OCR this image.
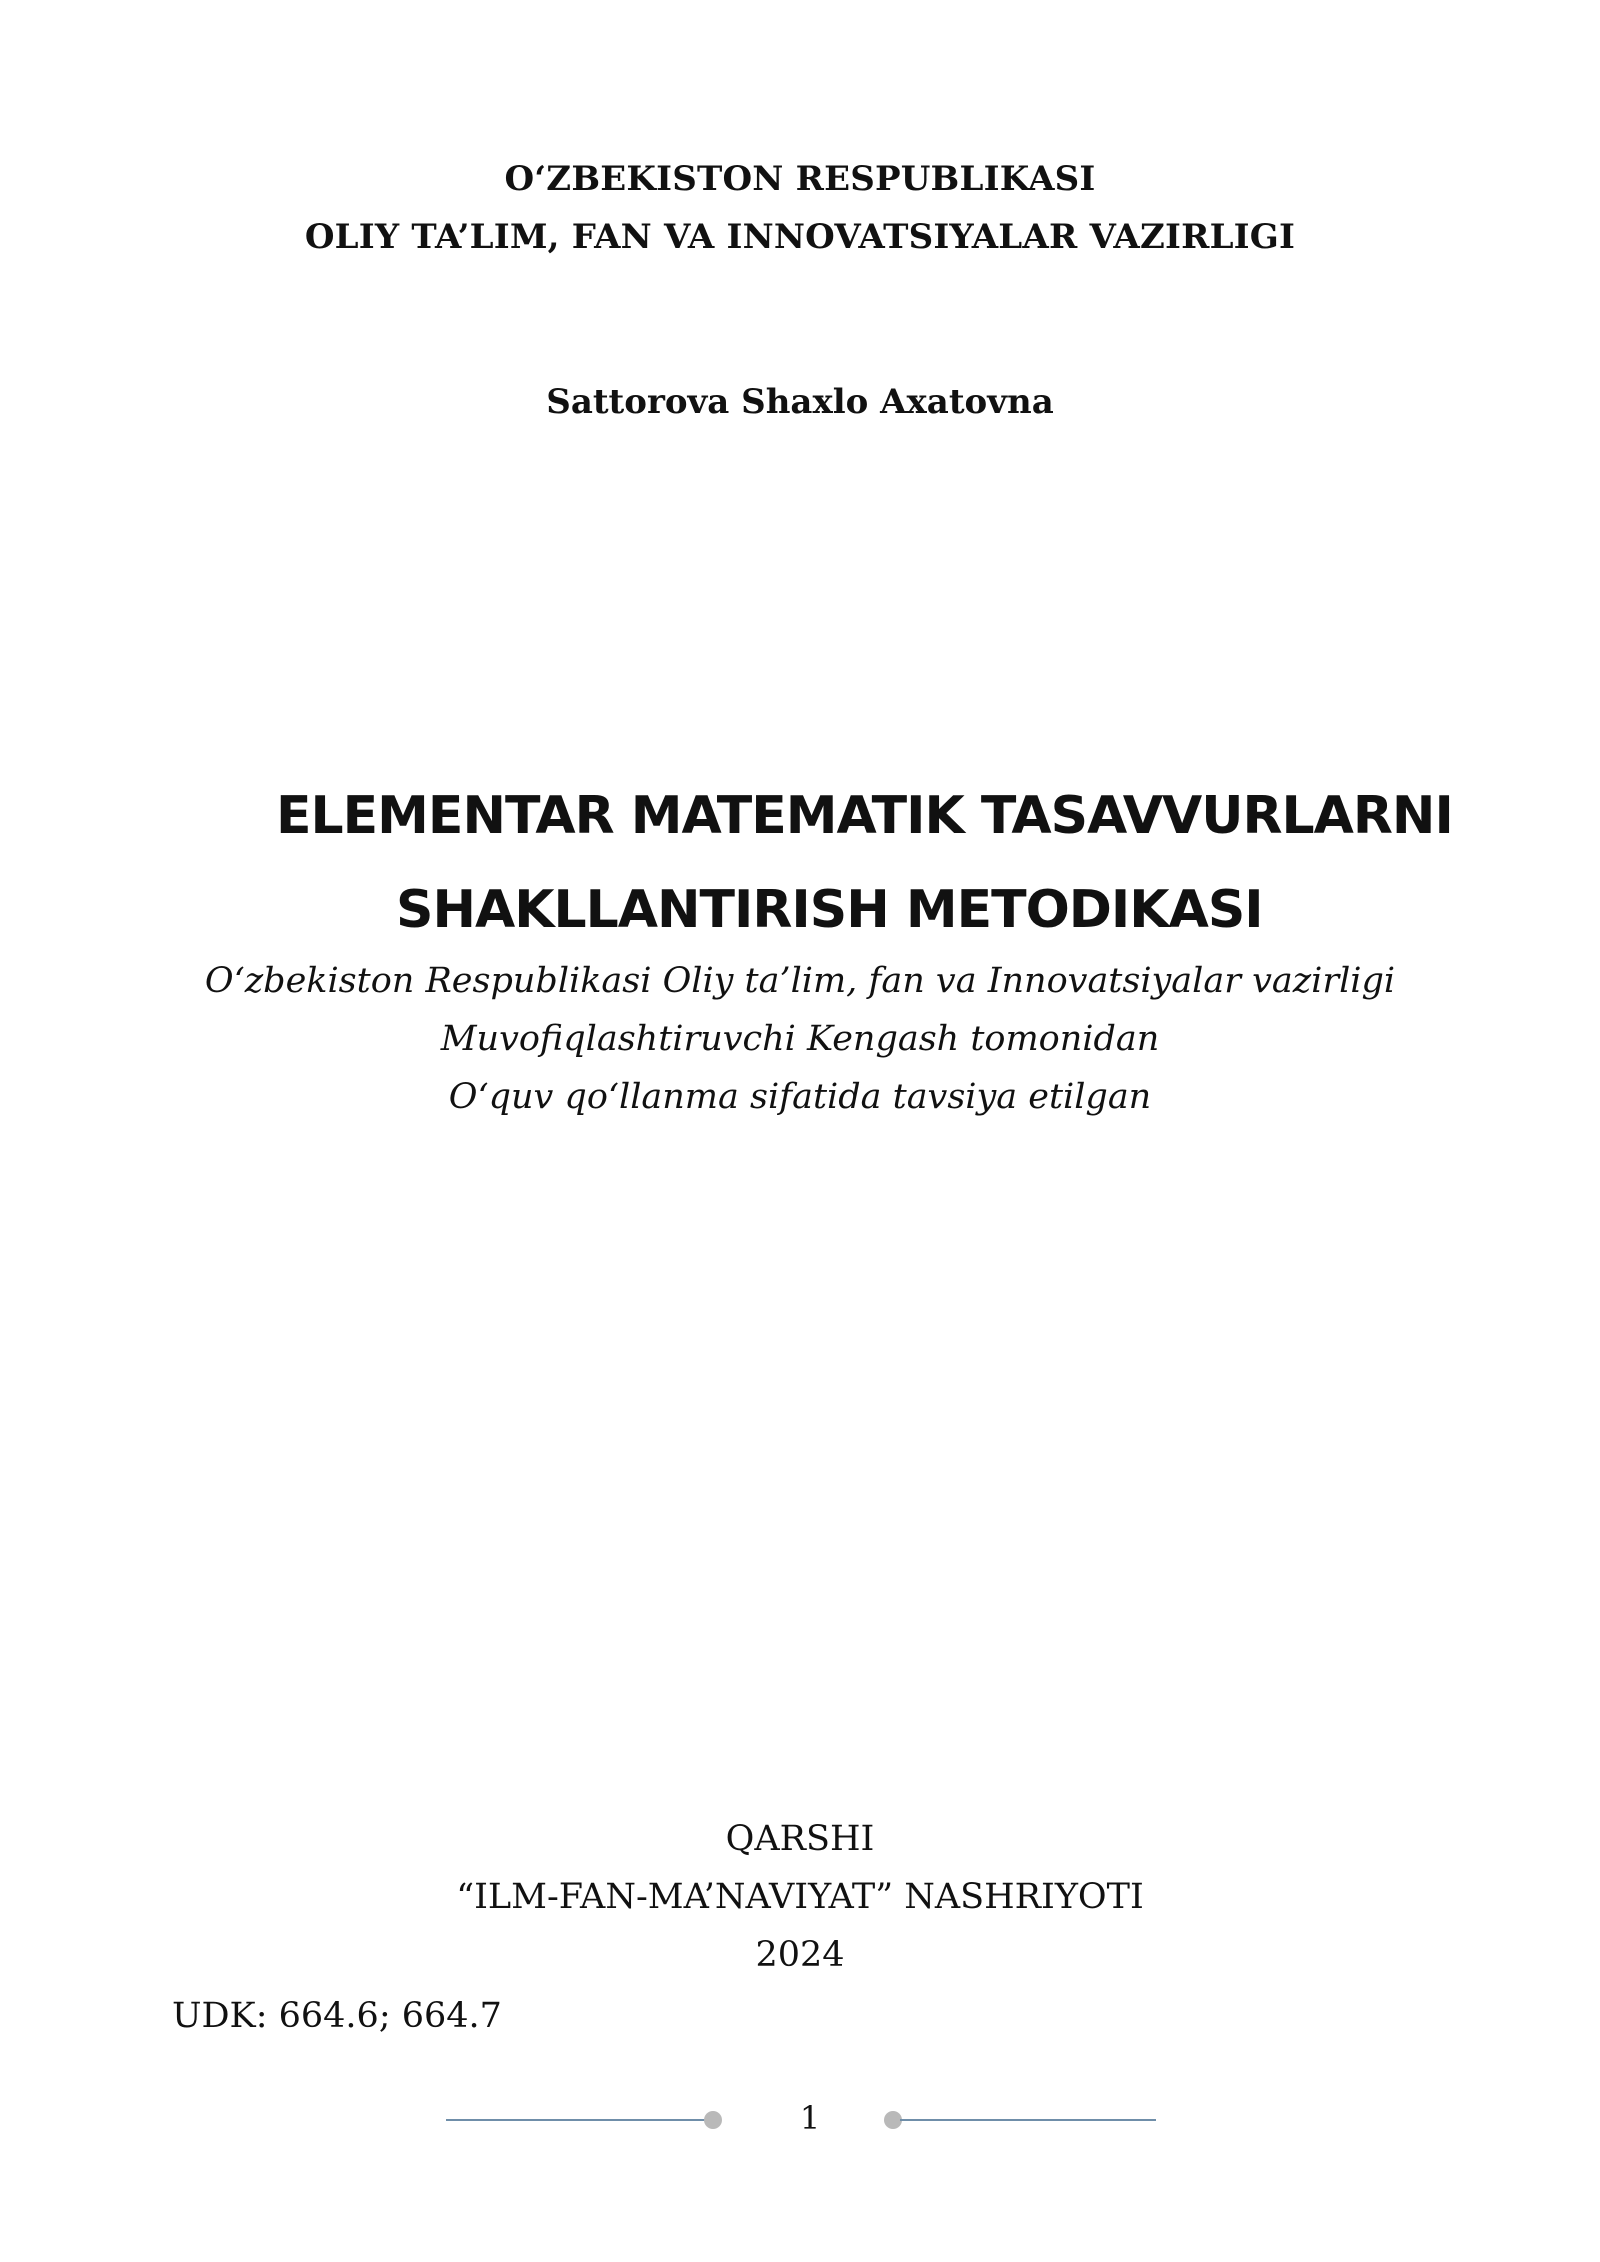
O‘ZBEKISTON RESPUBLIKASI
OLIY TA’LIM, FAN VA INNOVATSIYALAR VAZIRLIGI
Sattorova Shaxlo Axatovna
ELEMENTAR MATEMATIK TASAVVURLARNI
SHAKLLANTIRISH METODIKASI
O‘zbekiston Respublikasi Oliy ta’lim, fan va Innovatsiyalar vazirligi
Muvofiqlashtiruvchi Kengash tomonidan
O‘quv qo‘llanma sifatida tavsiya etilgan
QARSHI
“ILM-FAN-MA’NAVIYAT” NASHRIYOTI
2024
UDK: 664.6; 664.7
1
